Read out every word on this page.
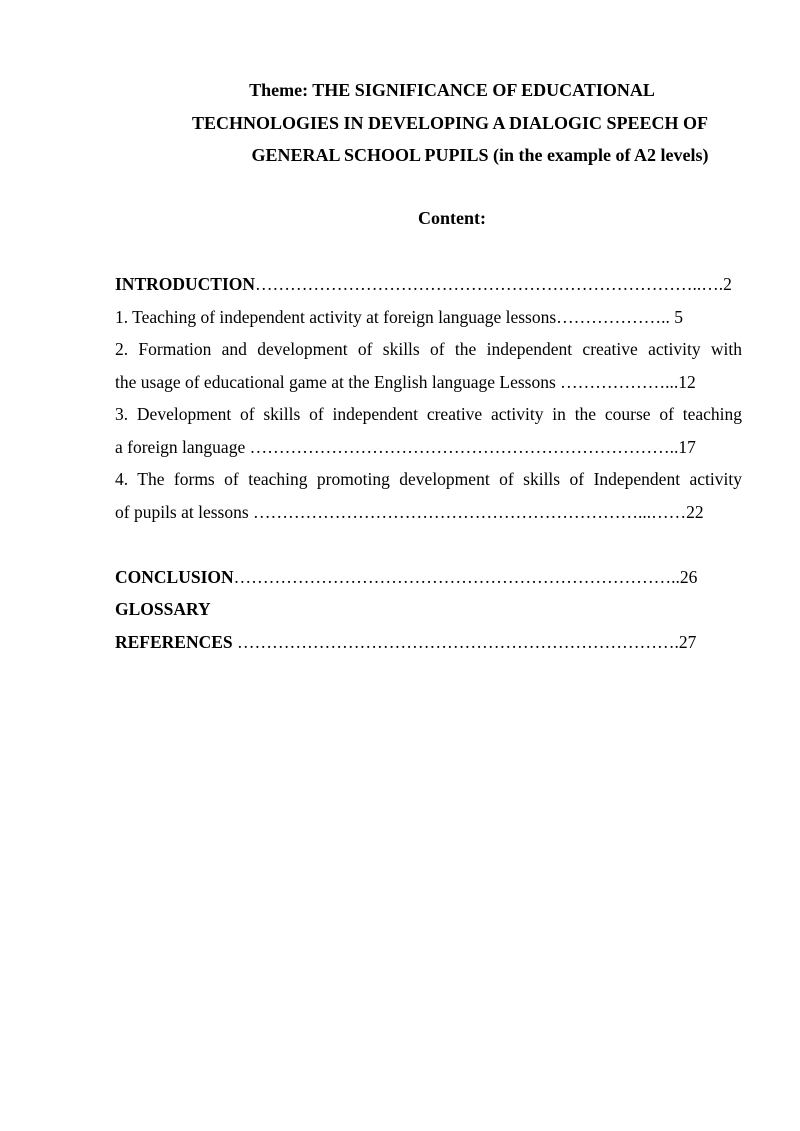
Theme: THE SIGNIFICANCE OF EDUCATIONAL
TECHNOLOGIES IN DEVELOPING A DIALOGIC SPEECH OF
GENERAL SCHOOL PUPILS (in the example of A2 levels)
Content:
INTRODUCTION…………………………………………………………………..….2
1. Teaching of independent activity at foreign language lessons……………….. 5
2. Formation and development of skills of the independent creative activity with
the usage of educational game at the English language Lessons ………………...12
3. Development of skills of independent creative activity in the course of teaching
a foreign language ………………………………………………………………..17
4. The forms of teaching promoting development of skills of Independent activity
of pupils at lessons …………………………………………………………...……22
CONCLUSION…………………………………………………………………..26
GLOSSARY
REFERENCES ………………………………………………………………….27
